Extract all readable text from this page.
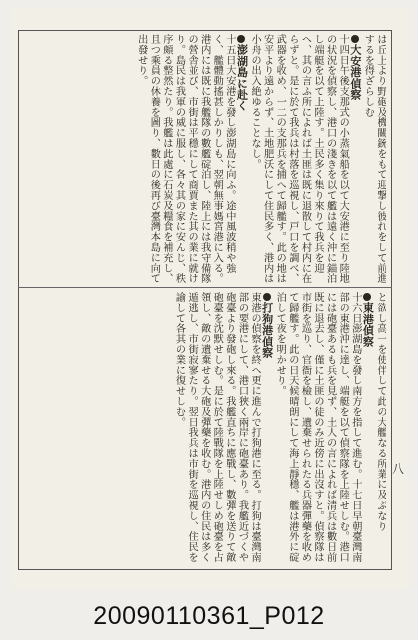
は丘上より野砲及機關銃をもて迎撃し彼れをして前進するを得ざらしむ
大安港偵察
十四日午後支那式の小蒸氣船を以て大安港に至り陸地の状況を偵察し、港口の淺きを以て艦は遠く沖に錨泊し端艇を以て上陸す。土民多く集り來りて我兵を迎へ、其の言ふ所によれば土匪は既に退散して村内に在らずと。是に於て我兵は村落を巡視し、戸口を調べ、武器を收め、一二の支那兵を捕へて歸艦す。此の地は安平より遠からず、土地肥沃にして住民多く、港内は小舟の出入絶ゆることなし。
澎湖島に赴く
十五日大安港を發し澎湖島に向ふ。途中風波稍や強く、艦體動搖甚しかりしも、翌朝無事媽宮港に入る。港内には既に我艦隊の數艦碇泊し、陸上には我守備隊の營舎並び、市街は平穩にして商賈また其の業に就けり。島民は我軍の威に服し、各々其の家に安んじ、秩序頗る整然たり。我艦は此處に石炭及糧食を補充し、且つ乘員の休養を圖り、數日の後再び臺灣本島に向て出發せり。
と欲し高一を使伴して此の大艦なる所業に及ぶなり
東港偵察
十六日澎湖島を發し南方を指して進む。十七日早朝臺灣南部の東港沖に達し、端艇を以て偵察隊を上陸せしむ。港口には砲臺あるも兵を見ず、土人の言によれば清兵は數日前既に退去し、僅に土匪の徒のみ近傍に出沒すと。偵察隊は市街を巡り、官衙を檢し、遺棄せられたる兵器彈藥を收めて歸艦す。此の日天候晴朗にして海上靜穩、艦は港外に碇泊して夜を明かせり。
打狗港偵察
東港の偵察を終へ更に進んで打狗港に至る。打狗は臺灣南部の要港にして、港口狹く兩岸に砲臺あり。我艦近づくや砲臺より發砲し來る。我艦直ちに應戰し、數彈を送りて敵砲臺を沈默せしむ。是に於て陸戰隊を上陸せしめ砲臺を占領し、敵の遺棄せる大砲及彈藥を收む。港内の住民は多く遁逃し、市街寂寥たり。翌日我兵は市街を巡視し、住民を諭して各其の業に復せしむ。
八
20090110361_P012
